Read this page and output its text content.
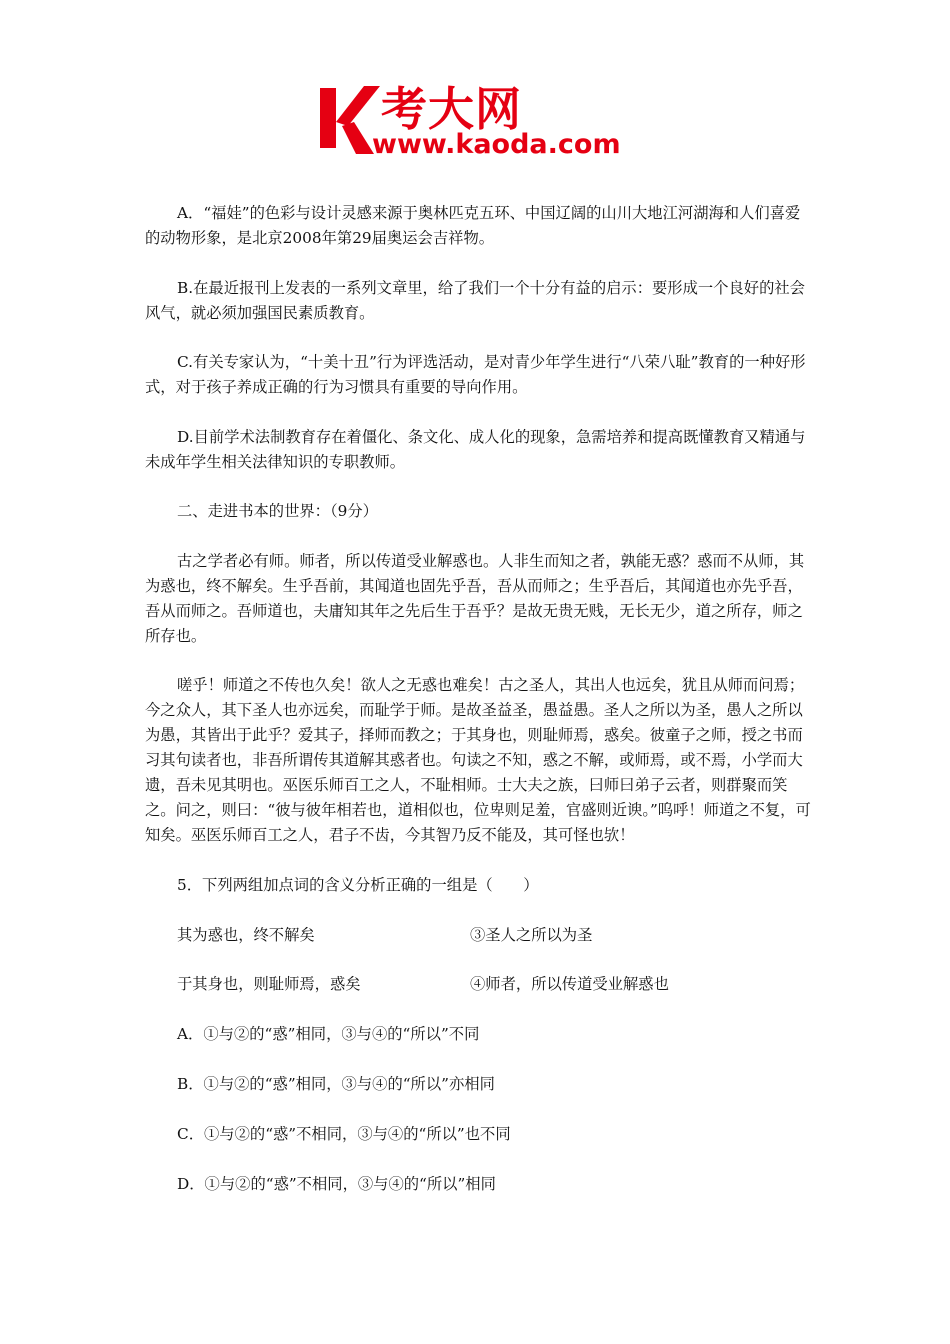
考大网
www.kaoda.com

A．“福娃”的色彩与设计灵感来源于奥林匹克五环、中国辽阔的山川大地江河湖海和人们喜爱的动物形象，是北京2008年第29届奥运会吉祥物。

B.在最近报刊上发表的一系列文章里，给了我们一个十分有益的启示：要形成一个良好的社会风气，就必须加强国民素质教育。

C.有关专家认为，“十美十丑”行为评选活动，是对青少年学生进行“八荣八耻”教育的一种好形式，对于孩子养成正确的行为习惯具有重要的导向作用。

D.目前学术法制教育存在着僵化、条文化、成人化的现象，急需培养和提高既懂教育又精通与未成年学生相关法律知识的专职教师。

二、走进书本的世界：（9分）

古之学者必有师。师者，所以传道受业解惑也。人非生而知之者，孰能无惑？惑而不从师，其为惑也，终不解矣。生乎吾前，其闻道也固先乎吾，吾从而师之；生乎吾后，其闻道也亦先乎吾，吾从而师之。吾师道也，夫庸知其年之先后生于吾乎？是故无贵无贱，无长无少，道之所存，师之所存也。

嗟乎！师道之不传也久矣！欲人之无惑也难矣！古之圣人，其出人也远矣，犹且从师而问焉；今之众人，其下圣人也亦远矣，而耻学于师。是故圣益圣，愚益愚。圣人之所以为圣，愚人之所以为愚，其皆出于此乎？爱其子，择师而教之；于其身也，则耻师焉，惑矣。彼童子之师，授之书而习其句读者也，非吾所谓传其道解其惑者也。句读之不知，惑之不解，或师焉，或不焉，小学而大遗，吾未见其明也。巫医乐师百工之人，不耻相师。士大夫之族，曰师曰弟子云者，则群聚而笑之。问之，则曰：“彼与彼年相若也，道相似也，位卑则足羞，官盛则近谀。”呜呼！师道之不复，可知矣。巫医乐师百工之人，君子不齿，今其智乃反不能及，其可怪也欤！

5．下列两组加点词的含义分析正确的一组是（　　）

其为惑也，终不解矣	③圣人之所以为圣

于其身也，则耻师焉，惑矣	④师者，所以传道受业解惑也

A．①与②的“惑”相同，③与④的“所以”不同

B．①与②的“惑”相同，③与④的“所以”亦相同

C．①与②的“惑”不相同，③与④的“所以”也不同

D．①与②的“惑”不相同，③与④的“所以”相同
